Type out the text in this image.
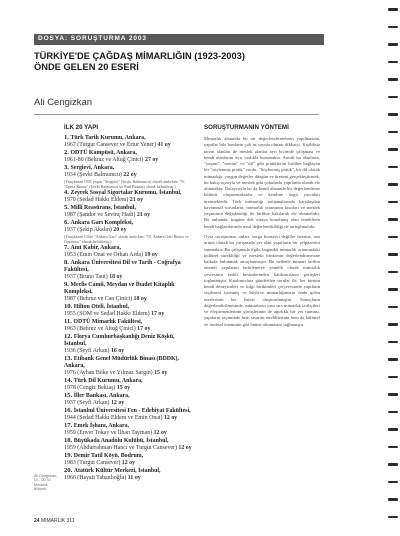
DOSYA: SORUŞTURMA 2003
TÜRKİYE'DE ÇAĞDAŞ MİMARLIĞIN (1923-2003)
ÖNDE GELEN 20 ESERİ
Ali Cengizkan
İLK 20 YAPI	SORUŞTURMANIN YÖNTEMİ
1. Türk Tarih Kurumu, Ankara,
1967 (Turgut Cansever ve Ertur Yener) 41 oy
2. ODTÜ Kampüsü, Ankara,
1961-80 (Behruz ve Altuğ Çinici) 27 oy
3. Sergievi, Ankara,
1934 (Şevki Balmumcu) 22 oy
(Yarışkazan 1931 yapısı "Sergievi" (Şevki Balmumcu) olarak anılırken; 'IV. "Opera Binası" (Şevki Balmumcu ve Paul Bonatz) olarak belirtilmiş.)
4. Zeyrek Sosyal Sigortalar Kurumu, İstanbul,
1970 (Sedad Hakkı Eldem) 21 oy
5. Milli Reasürans, İstanbul,
1987 (Şandor ve Sevinç Hadi) 21 oy
6. Ankara Garı Kompleksi,
1937 (Şekip Akalın) 20 oy
(Yarışkazan 1'ü'de "Ankara Garı" olarak anılırken; "IV. Ankara Garı Binası ve Gazinosu" olarak belirtilmiş.)
7. Anıt Kabir, Ankara,
1953 (Emin Onat ve Orhan Arda) 19 oy
8. Ankara Üniversitesi Dil ve Tarih - Coğrafya Fakültesi,
1937 (Bruno Taut) 18 oy
9. Meclis Camii, Meydan ve İbadet Kitaplık Kompleksi,
1987 (Behruz ve Can Çinici) 18 oy
10. Hilton Oteli, İstanbul,
1955 (SOM ve Sedad Hakkı Eldem) 17 oy
11. ODTÜ Mimarlık Fakültesi,
1963 (Behruz ve Altuğ Çinici) 17 oy
12. Florya Cumhurbaşkanlığı Deniz Köşkü, İstanbul,
1936 (Seyfi Arkan) 16 oy
13. Etibank Genel Müdürlük Binası (BDDK), Ankara,
1976 (Ayhan Böke ve Yılmaz Sargın) 15 oy
14. Türk Dil Kurumu, Ankara,
1978 (Cengiz Bektaş) 15 oy
15. İller Bankası, Ankara,
1937 (Seyfi Arkan) 12 oy
16. İstanbul Üniversitesi Fen - Edebiyat Fakültesi,
1944 (Sedad Hakkı Eldem ve Emin Onat) 12 oy
17. Emek İşhanı, Ankara,
1959 (Enver Tokay ve İlhan Tayman) 12 oy
18. Büyükada Anadolu Kulübü, İstanbul,
1959 (Abdurrahman Hancı ve Turgut Cansever) 12 oy
19. Demir Tatil Köyü, Bodrum,
1983 (Turgut Cansever) 12 oy
20. Atatürk Kültür Merkezi, İstanbul,
1966 (Hayati Tabanlıoğlu) 11 oy

Mimarlık alanında bu tür değerlendirmelerin yapılmasına, yapıtlar bile bunların çok az sayıda olması dikkatçi. Kişiliksiz tarzın alanları de meslek alanlar ayrı bicimde çalışması ve kendi alanlarını ayrı varlıkla korumakta. Ancak bu alanların, "yaşam", "üretim" ve "dil" gibi pratiklerini birlikte bağlayan bir "söylenmiş pratik" vardır. "Söylenmiş pratik", bir dil olarak mimarlığı, yaygın değerler düzgün ve üretimi gerçekleştirmek, bu bakış açısıyla ve meslek gibi çokuluslu yapılarda olarak ele alınmakta. Dolayısıyla bu da kendi alanında bir değerlendirme kültürü oluşturmaktadır ve kendine özgü yayınları üretmektedir. Türk mimarlığı tartışmalarında karşılaşılan kavramsal sorunların, mimarlık ortamının kısıtları ve meslek yaşamının değişkenliği ile birlikte bakılarak ele alınmalıdır. Bu anlamda, bugüne dek ortaya konulmuş olan örneklerin kendi bağlamlarında nasıl değerlendirildiği de tartışılmalıdır.

Oysa soruşturma, onları, sorgu bonservi değiller üzerine, ana ürünü olarak bu yarışmada yer alan yapıtların bir yelpazesini sunmaktır. Bu çalışmada ilgili, bugünkü mimarlık ortamındaki kültürel sürekliliği ve mesleki birikimin değerlendirmesine katkıda bulunmak amaçlanmıştır. Bu nedenle mimari tarihin önemli yapılarını belirlemeye yönelik olarak mimarlık çevresinin farklı kesimlerinden katılımcıların görüşleri toplanmıştır. Katılımcılara gönderilen sorular ile, her birinin kendi deneyimleri ve bilgi birikimleri çerçevesinde yapıların seçilmesi istenmiş ve böylece mimarlığımızın önde gelen eserlerinin bir listesi oluşturulmuştur. Sonuçların değerlendirilmesinde, mimarların yanı sıra mimarlık tarihçileri ve eleştirmenlerinin görüşlerinin de ağırlıklı bir yer tutması, yapıların seçiminde hem tasarım niteliklerinin hem de kültürel ve tarihsel öneminin göz önüne alınmasını sağlamıştır.

Ali Cengizkan, Dr., ODTÜ Mimarlık Bölümü
24 MİMARLIK 311
